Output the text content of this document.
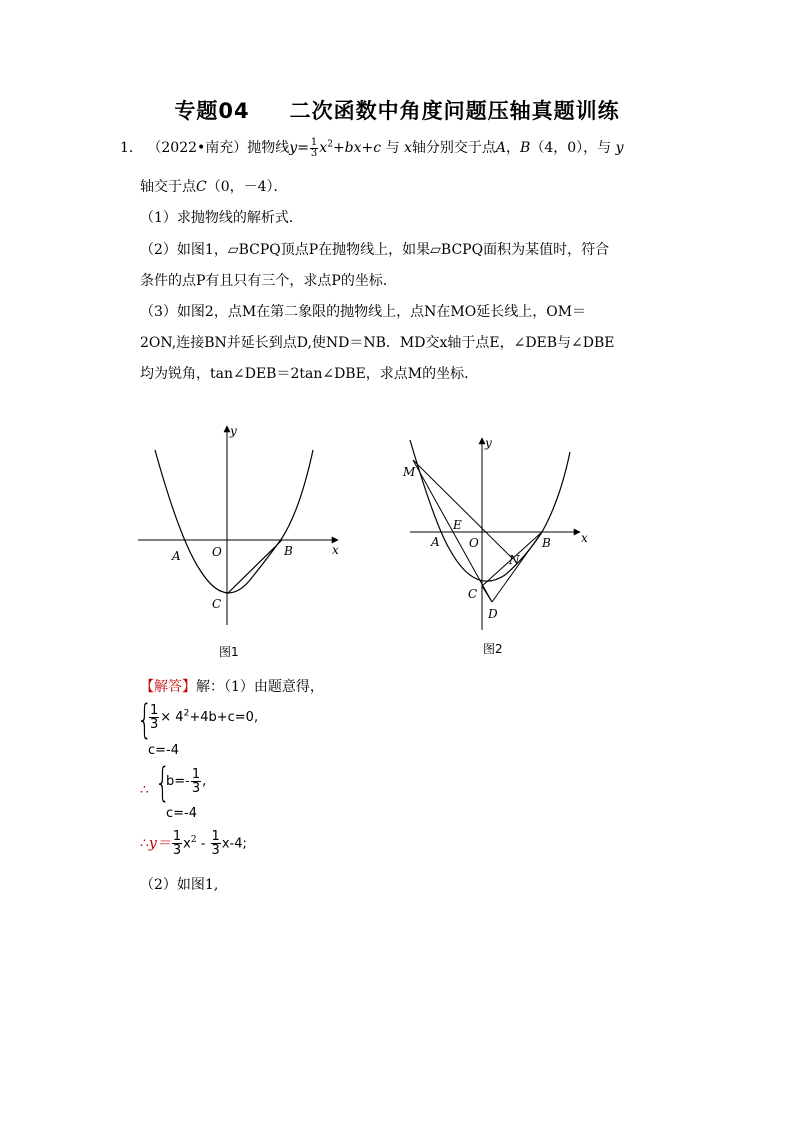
专题04 二次函数中角度问题压轴真题训练
1． （2022•南充）抛物线$y= \frac{1}{3} x^2+bx+c$ 与 x轴分别交于点A，B（4，0），与 y
轴交于点C（0，－4）．
（1）求抛物线的解析式．
（2）如图1，▱BCPQ顶点P在抛物线上，如果▱BCPQ面积为某值时，符合
条件的点P有且只有三个，求点P的坐标．
（3）如图2，点M在第二象限的抛物线上，点N在MO延长线上，OM＝
2ON,连接BN并延长到点D,使ND＝NB．MD交x轴于点E，∠DEB与∠DBE
均为锐角，tan∠DEB＝2tan∠DBE，求点M的坐标．
y
x
O
A	B
C
图1
y
x
O
A	B
C
M
E
N
D
图2
【解答】解：（1）由题意得，
{
$\frac{1}{3} \times 4^2+4b+c=0$,
c=-4
∴ {
$b=- \frac{1}{3}$ ,
c=-4
∴y＝ $\frac{1}{3} x^2 - \frac{1}{3} x-4$;
（2）如图1,
